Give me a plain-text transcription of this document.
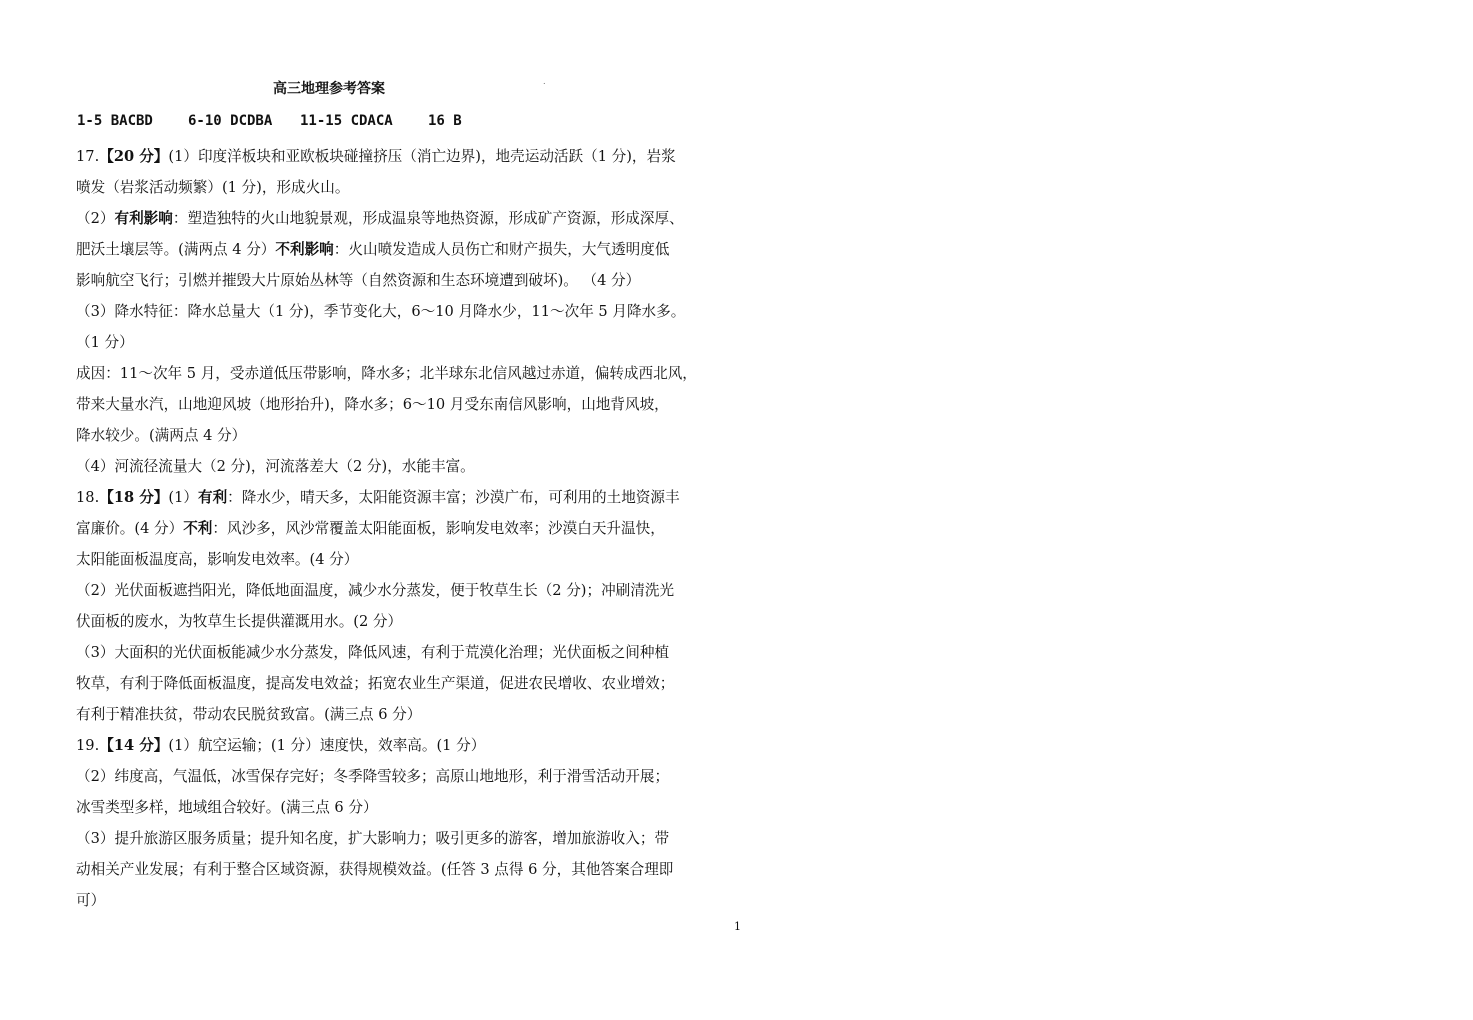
高三地理参考答案	.
1-5 BACBD	6-10 DCDBA 11-15 CDACA	16 B
17.【20 分】(1）印度洋板块和亚欧板块碰撞挤压（消亡边界)，地壳运动活跃（1 分)，岩浆
喷发（岩浆活动频繁）(1 分)，形成火山。
（2）有利影响：塑造独特的火山地貌景观，形成温泉等地热资源，形成矿产资源，形成深厚、
肥沃土壤层等。(满两点 4 分）不利影响：火山喷发造成人员伤亡和财产损失，大气透明度低
影响航空飞行；引燃并摧毁大片原始丛林等（自然资源和生态环境遭到破坏)。 （4 分）
（3）降水特征：降水总量大（1 分)，季节变化大，6～10 月降水少，11～次年 5 月降水多。
（1 分）
成因：11～次年 5 月，受赤道低压带影响，降水多；北半球东北信风越过赤道，偏转成西北风，
带来大量水汽，山地迎风坡（地形抬升)，降水多；6～10 月受东南信风影响，山地背风坡，
降水较少。(满两点 4 分）
（4）河流径流量大（2 分)，河流落差大（2 分)，水能丰富。
18.【18 分】(1）有利：降水少，晴天多，太阳能资源丰富；沙漠广布，可利用的土地资源丰
富廉价。(4 分）不利：风沙多，风沙常覆盖太阳能面板，影响发电效率；沙漠白天升温快，
太阳能面板温度高，影响发电效率。(4 分）
（2）光伏面板遮挡阳光，降低地面温度，减少水分蒸发，便于牧草生长（2 分)；冲刷清洗光
伏面板的废水，为牧草生长提供灌溉用水。(2 分）
（3）大面积的光伏面板能减少水分蒸发，降低风速，有利于荒漠化治理；光伏面板之间种植
牧草，有利于降低面板温度，提高发电效益；拓宽农业生产渠道，促进农民增收、农业增效；
有利于精准扶贫，带动农民脱贫致富。(满三点 6 分）
19.【14 分】(1）航空运输；(1 分）速度快，效率高。(1 分）
（2）纬度高，气温低，冰雪保存完好；冬季降雪较多；高原山地地形，利于滑雪活动开展；
冰雪类型多样，地域组合较好。(满三点 6 分）
（3）提升旅游区服务质量；提升知名度，扩大影响力；吸引更多的游客，增加旅游收入；带
动相关产业发展；有利于整合区域资源，获得规模效益。(任答 3 点得 6 分，其他答案合理即
可）
1
